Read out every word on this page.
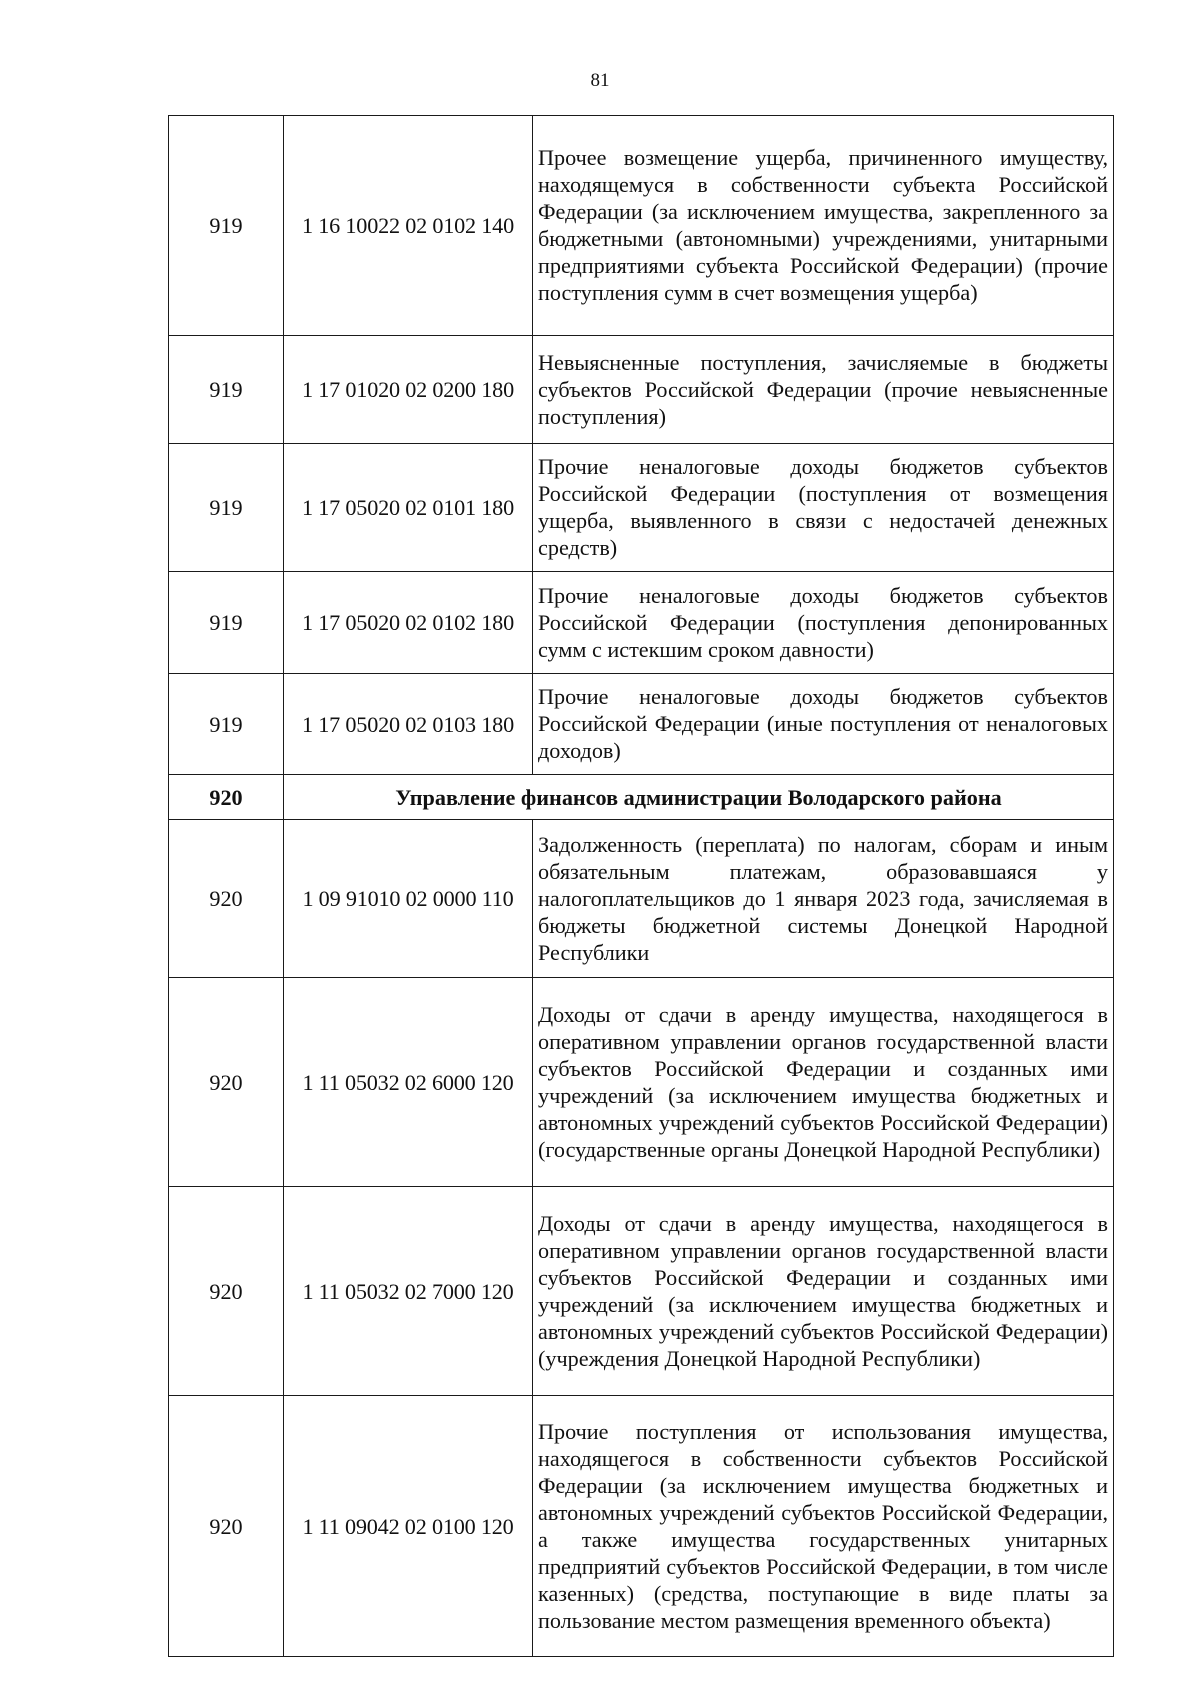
81
919	1 16 10022 02 0102 140	Прочее возмещение ущерба, причиненного имуществу, находящемуся в собственности субъекта Российской Федерации (за исключением имущества, закрепленного за бюджетными (автономными) учреждениями, унитарными предприятиями субъекта Российской Федерации) (прочие поступления сумм в счет возмещения ущерба)
919	1 17 01020 02 0200 180	Невыясненные поступления, зачисляемые в бюджеты субъектов Российской Федерации (прочие невыясненные поступления)
919	1 17 05020 02 0101 180	Прочие неналоговые доходы бюджетов субъектов Российской Федерации (поступления от возмещения ущерба, выявленного в связи с недостачей денежных средств)
919	1 17 05020 02 0102 180	Прочие неналоговые доходы бюджетов субъектов Российской Федерации (поступления депонированных сумм с истекшим сроком давности)
919	1 17 05020 02 0103 180	Прочие неналоговые доходы бюджетов субъектов Российской Федерации (иные поступления от неналоговых доходов)
920	Управление финансов администрации Володарского района	
920	1 09 91010 02 0000 110	Задолженность (переплата) по налогам, сборам и иным обязательным платежам, образовавшаяся у налогоплательщиков до 1 января 2023 года, зачисляемая в бюджеты бюджетной системы Донецкой Народной Республики
920	1 11 05032 02 6000 120	Доходы от сдачи в аренду имущества, находящегося в оперативном управлении органов государственной власти субъектов Российской Федерации и созданных ими учреждений (за исключением имущества бюджетных и автономных учреждений субъектов Российской Федерации) (государственные органы Донецкой Народной Республики)
920	1 11 05032 02 7000 120	Доходы от сдачи в аренду имущества, находящегося в оперативном управлении органов государственной власти субъектов Российской Федерации и созданных ими учреждений (за исключением имущества бюджетных и автономных учреждений субъектов Российской Федерации) (учреждения Донецкой Народной Республики)
920	1 11 09042 02 0100 120	Прочие поступления от использования имущества, находящегося в собственности субъектов Российской Федерации (за исключением имущества бюджетных и автономных учреждений субъектов Российской Федерации, а также имущества государственных унитарных предприятий субъектов Российской Федерации, в том числе казенных) (средства, поступающие в виде платы за пользование местом размещения временного объекта)
